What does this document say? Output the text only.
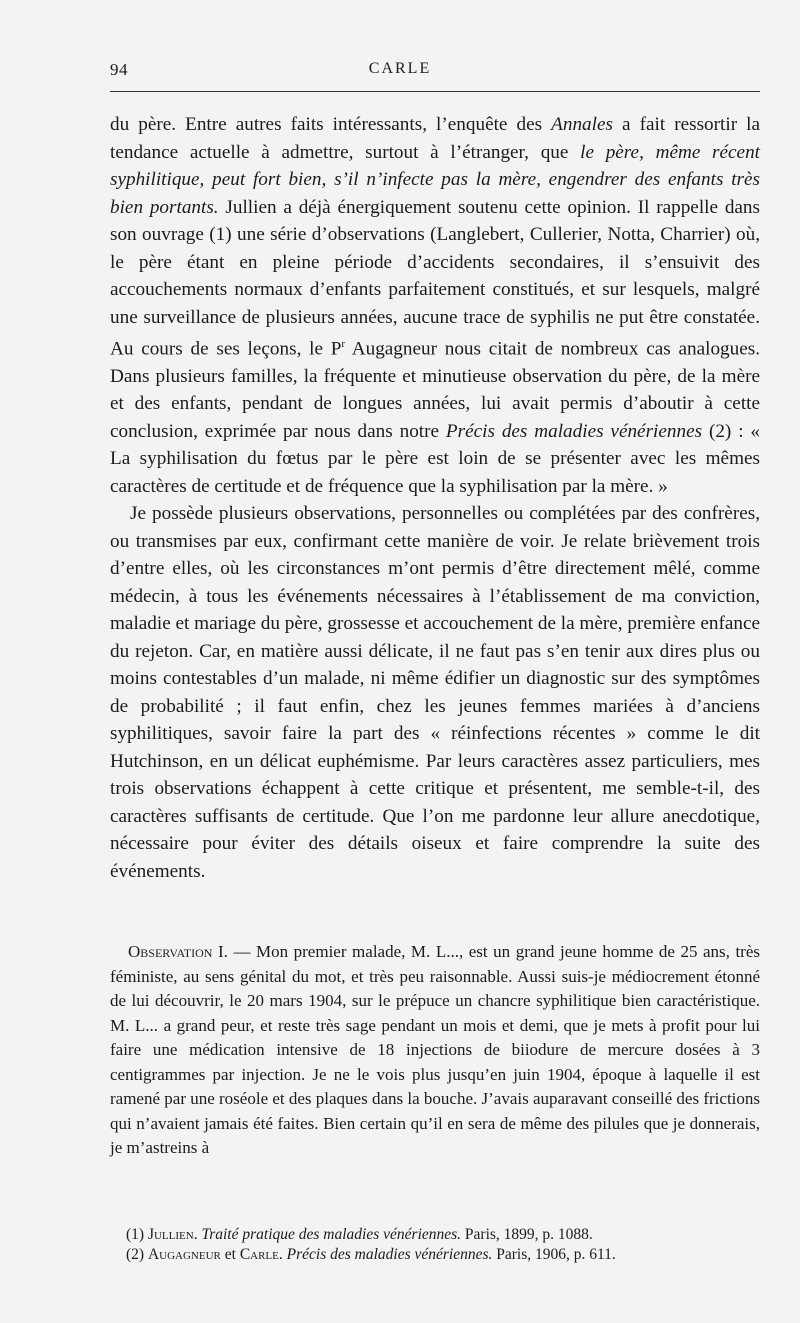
94	CARLE

du père. Entre autres faits intéressants, l’enquête des Annales a fait ressortir la tendance actuelle à admettre, surtout à l’étranger, que le père, même récent syphilitique, peut fort bien, s’il n’infecte pas la mère, engendrer des enfants très bien portants. Jullien a déjà énergiquement soutenu cette opinion. Il rappelle dans son ouvrage (1) une série d’observations (Langlebert, Cullerier, Notta, Charrier) où, le père étant en pleine période d’accidents secondaires, il s’ensuivit des accouchements normaux d’enfants parfaitement constitués, et sur lesquels, malgré une surveillance de plusieurs années, aucune trace de syphilis ne put être constatée. Au cours de ses leçons, le $P^r$ Augagneur nous citait de nombreux cas analogues. Dans plusieurs familles, la fréquente et minutieuse observation du père, de la mère et des enfants, pendant de longues années, lui avait permis d’aboutir à cette conclusion, exprimée par nous dans notre Précis des maladies vénériennes (2) : « La syphilisation du fœtus par le père est loin de se présenter avec les mêmes caractères de certitude et de fréquence que la syphilisation par la mère. »

Je possède plusieurs observations, personnelles ou complétées par des confrères, ou transmises par eux, confirmant cette manière de voir. Je relate brièvement trois d’entre elles, où les circonstances m’ont permis d’être directement mêlé, comme médecin, à tous les événements nécessaires à l’établissement de ma conviction, maladie et mariage du père, grossesse et accouchement de la mère, première enfance du rejeton. Car, en matière aussi délicate, il ne faut pas s’en tenir aux dires plus ou moins contestables d’un malade, ni même édifier un diagnostic sur des symptômes de probabilité ; il faut enfin, chez les jeunes femmes mariées à d’anciens syphilitiques, savoir faire la part des « réinfections récentes » comme le dit Hutchinson, en un délicat euphémisme. Par leurs caractères assez particuliers, mes trois observations échappent à cette critique et présentent, me semble-t-il, des caractères suffisants de certitude. Que l’on me pardonne leur allure anecdotique, nécessaire pour éviter des détails oiseux et faire comprendre la suite des événements.

Observation I. — Mon premier malade, M. L..., est un grand jeune homme de 25 ans, très féministe, au sens génital du mot, et très peu raisonnable. Aussi suis-je médiocrement étonné de lui découvrir, le 20 mars 1904, sur le prépuce un chancre syphilitique bien caractéristique. M. L... a grand peur, et reste très sage pendant un mois et demi, que je mets à profit pour lui faire une médication intensive de 18 injections de biiodure de mercure dosées à 3 centigrammes par injection. Je ne le vois plus jusqu’en juin 1904, époque à laquelle il est ramené par une roséole et des plaques dans la bouche. J’avais auparavant conseillé des frictions qui n’avaient jamais été faites. Bien certain qu’il en sera de même des pilules que je donnerais, je m’astreins à

(1) Jullien. Traité pratique des maladies vénériennes. Paris, 1899, p. 1088.
(2) Augagneur et Carle. Précis des maladies vénériennes. Paris, 1906, p. 611.
